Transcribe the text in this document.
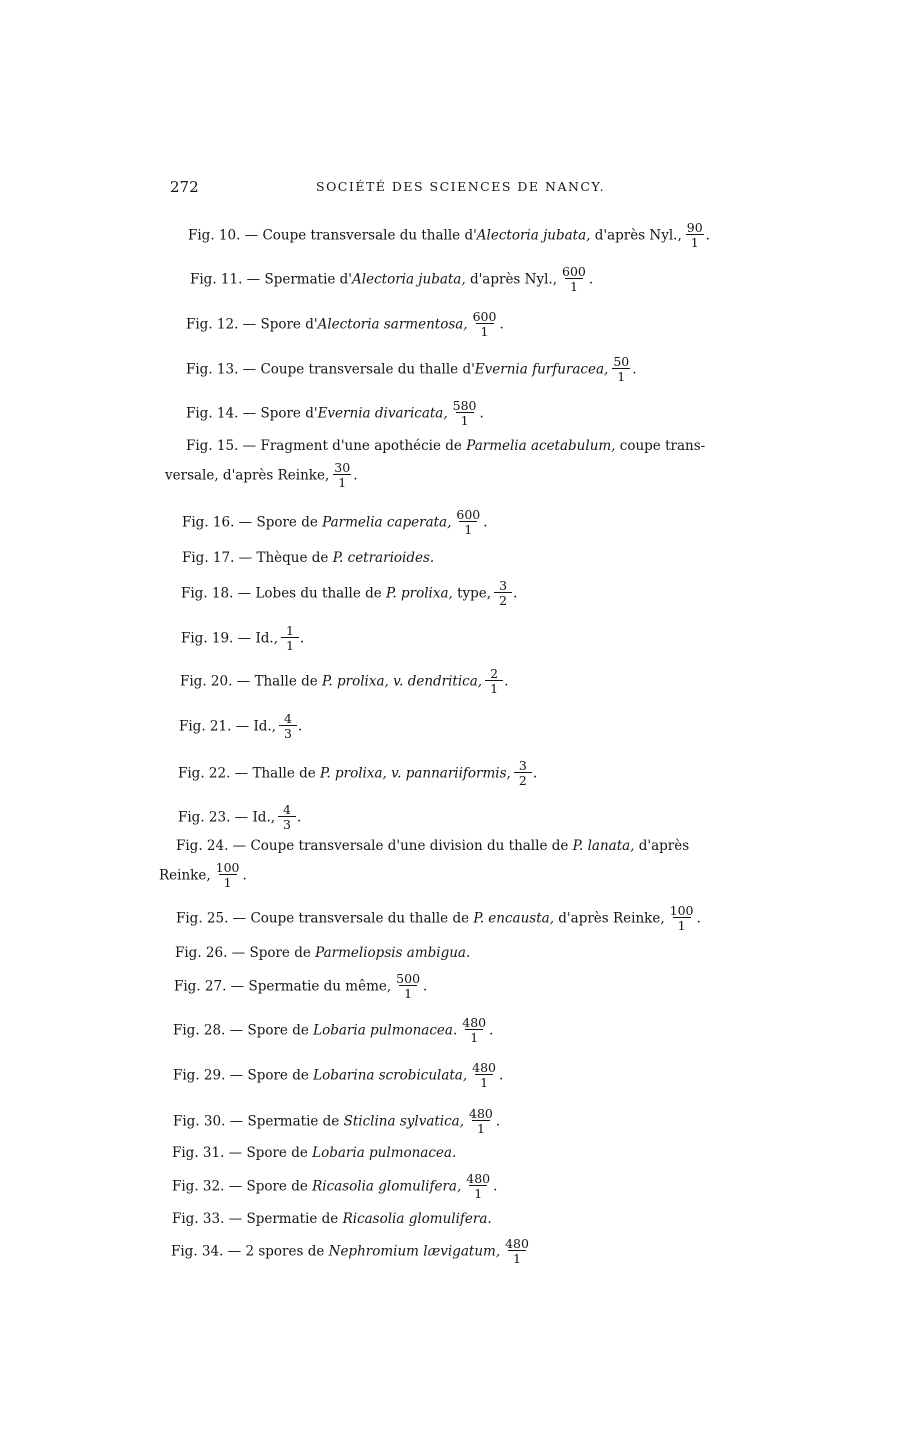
272	SOCIÉTÉ DES SCIENCES DE NANCY.
Fig. 10. — Coupe transversale du thalle d'Alectoria jubata, d'après Nyl., $\frac{90}{1}$ .
Fig. 11. — Spermatie d'Alectoria jubata, d'après Nyl., $\frac{600}{1}$ .
Fig. 12. — Spore d'Alectoria sarmentosa, $\frac{600}{1}$ .
Fig. 13. — Coupe transversale du thalle d'Evernia furfuracea, $\frac{50}{1}$ .
Fig. 14. — Spore d'Evernia divaricata, $\frac{580}{1}$ .
Fig. 15. — Fragment d'une apothécie de Parmelia acetabulum, coupe trans-
versale, d'après Reinke, $\frac{30}{1}$ .
Fig. 16. — Spore de Parmelia caperata, $\frac{600}{1}$ .
Fig. 17. — Thèque de P. cetrarioides.
Fig. 18. — Lobes du thalle de P. prolixa, type, $\frac{3}{2}$ .
Fig. 19. — Id., $\frac{1}{1}$ .
Fig. 20. — Thalle de P. prolixa, v. dendritica, $\frac{2}{1}$ .
Fig. 21. — Id., $\frac{4}{3}$ .
Fig. 22. — Thalle de P. prolixa, v. pannariiformis, $\frac{3}{2}$ .
Fig. 23. — Id., $\frac{4}{3}$ .
Fig. 24. — Coupe transversale d'une division du thalle de P. lanata, d'après
Reinke, $\frac{100}{1}$ .
Fig. 25. — Coupe transversale du thalle de P. encausta, d'après Reinke, $\frac{100}{1}$ .
Fig. 26. — Spore de Parmeliopsis ambigua.
Fig. 27. — Spermatie du même, $\frac{500}{1}$ .
Fig. 28. — Spore de Lobaria pulmonacea. $\frac{480}{1}$ .
Fig. 29. — Spore de Lobarina scrobiculata, $\frac{480}{1}$ .
Fig. 30. — Spermatie de Sticlina sylvatica, $\frac{480}{1}$ .
Fig. 31. — Spore de Lobaria pulmonacea.
Fig. 32. — Spore de Ricasolia glomulifera, $\frac{480}{1}$ .
Fig. 33. — Spermatie de Ricasolia glomulifera.
Fig. 34. — 2 spores de Nephromium lævigatum, $\frac{480}{1}$
